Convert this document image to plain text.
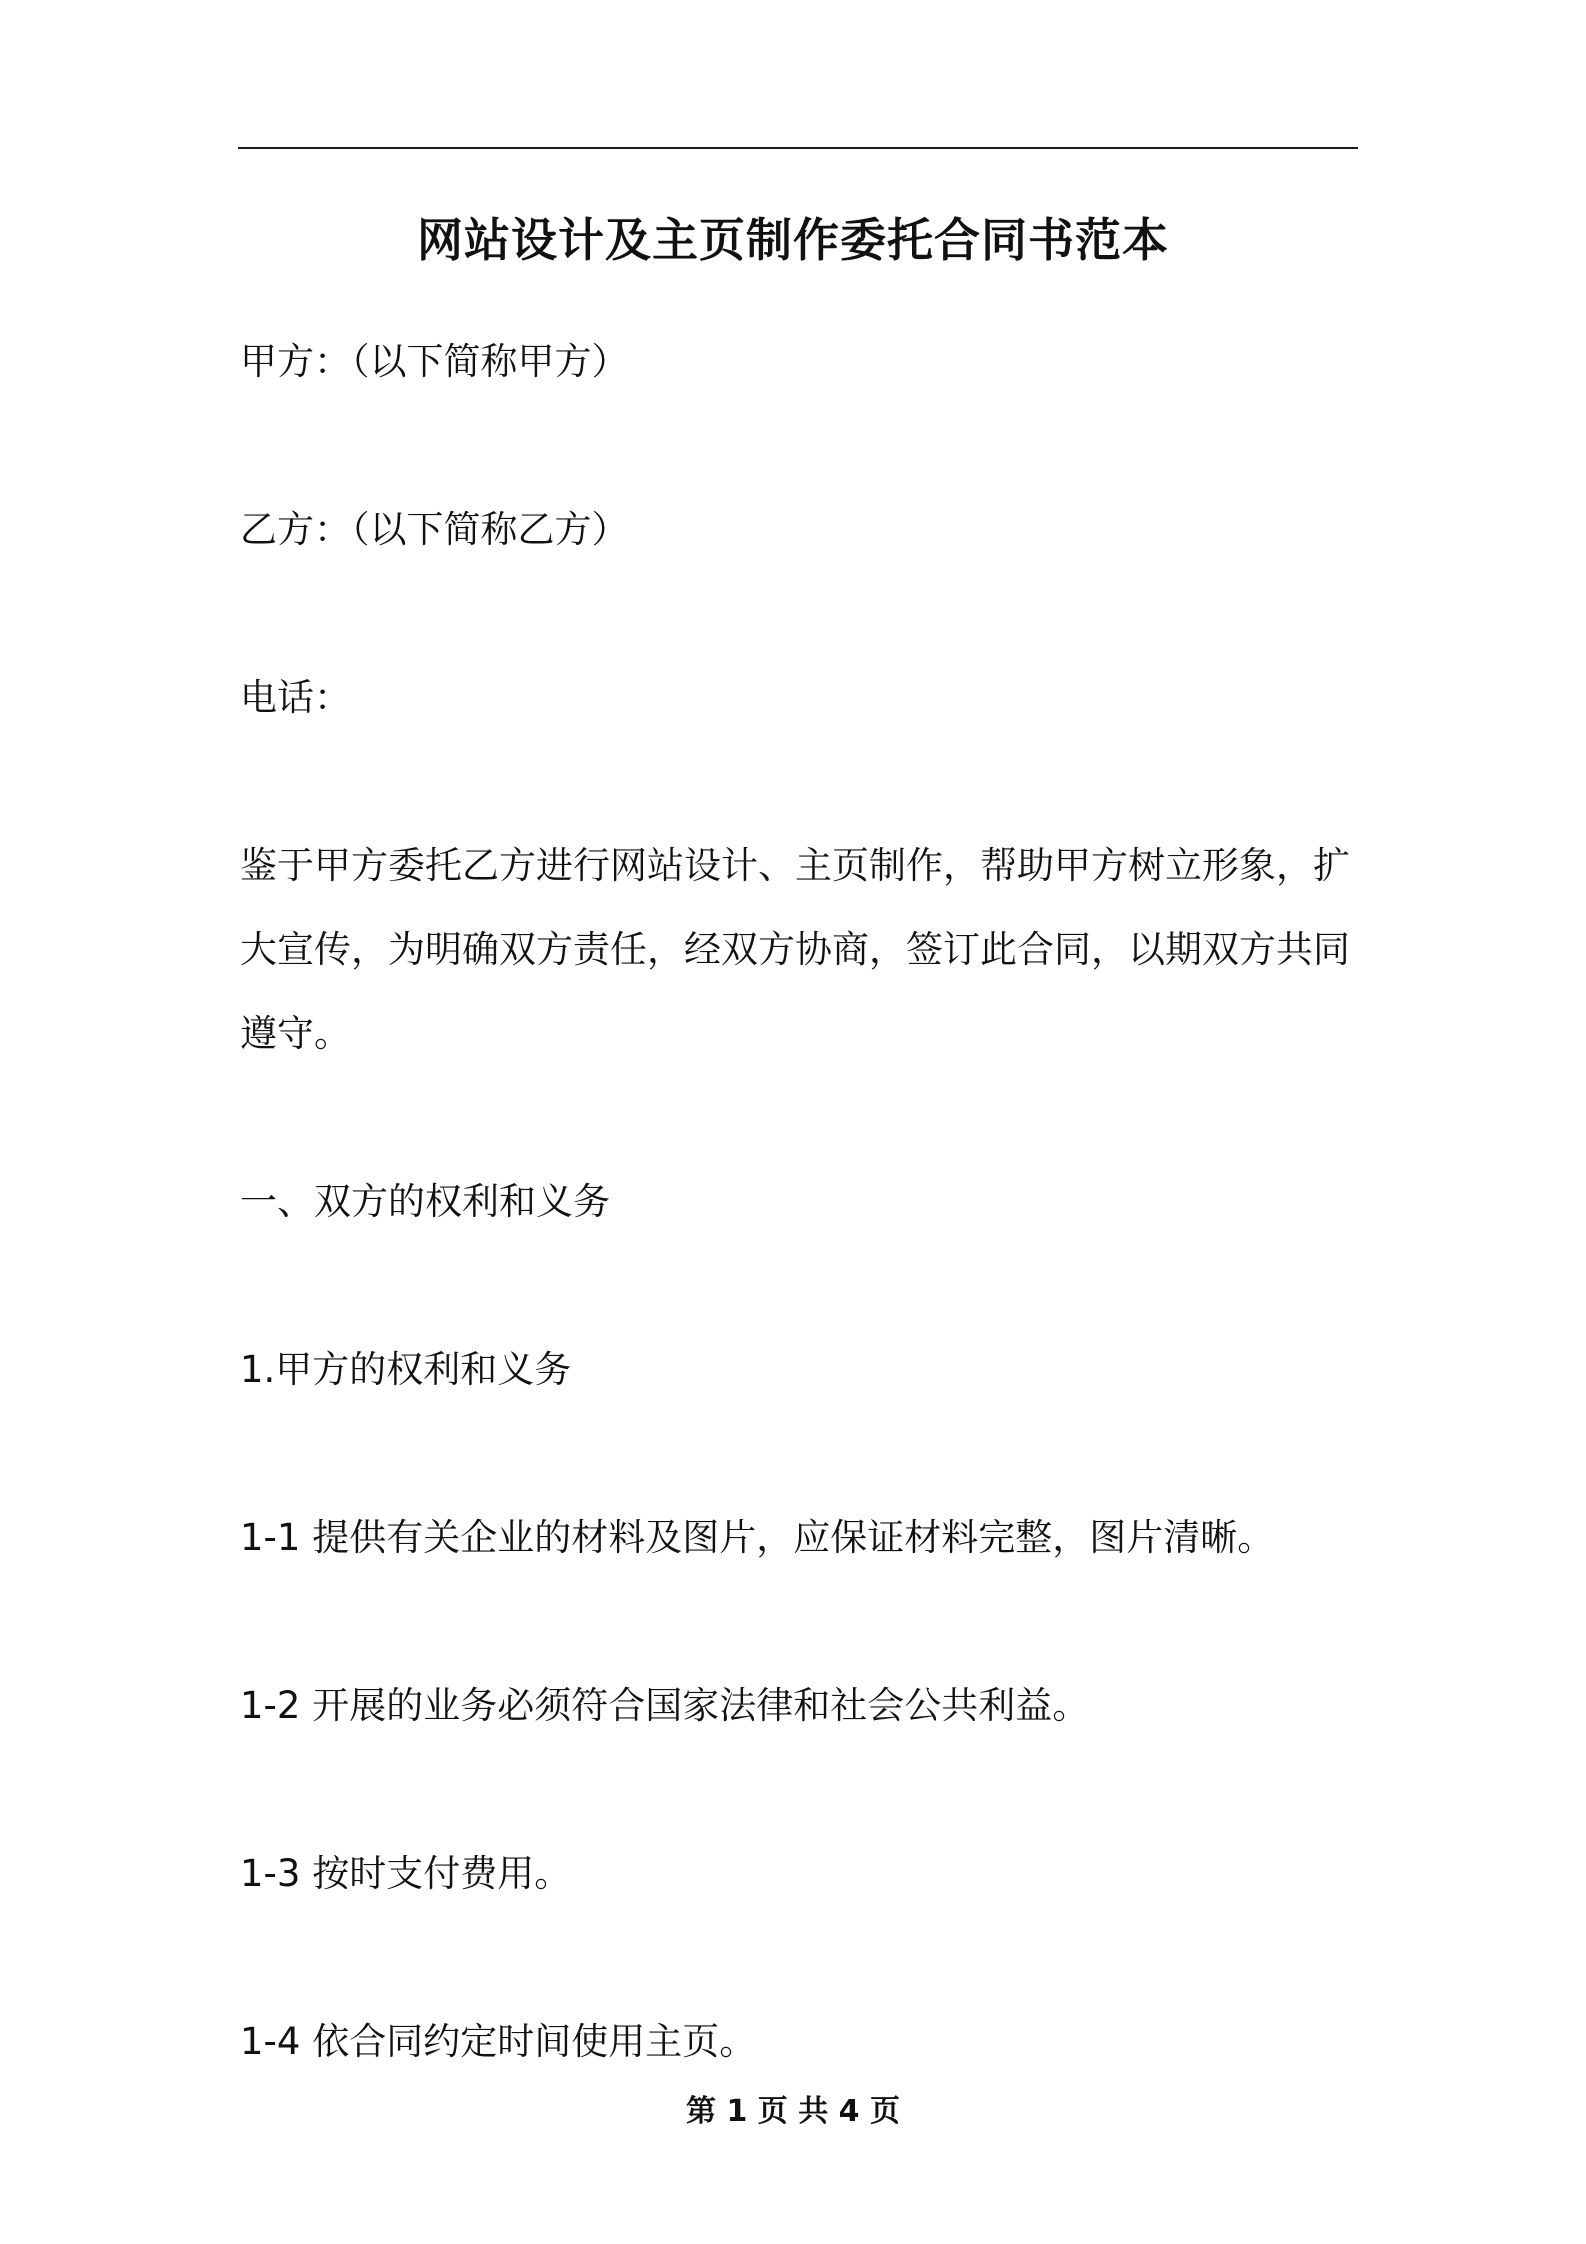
网站设计及主页制作委托合同书范本
甲方：（以下简称甲方）
乙方：（以下简称乙方）
电话：
鉴于甲方委托乙方进行网站设计、主页制作，帮助甲方树立形象，扩
大宣传，为明确双方责任，经双方协商，签订此合同，以期双方共同
遵守。
一、双方的权利和义务
1.甲方的权利和义务
1-1 提供有关企业的材料及图片，应保证材料完整，图片清晰。
1-2 开展的业务必须符合国家法律和社会公共利益。
1-3 按时支付费用。
1-4 依合同约定时间使用主页。
第 1 页 共 4 页
